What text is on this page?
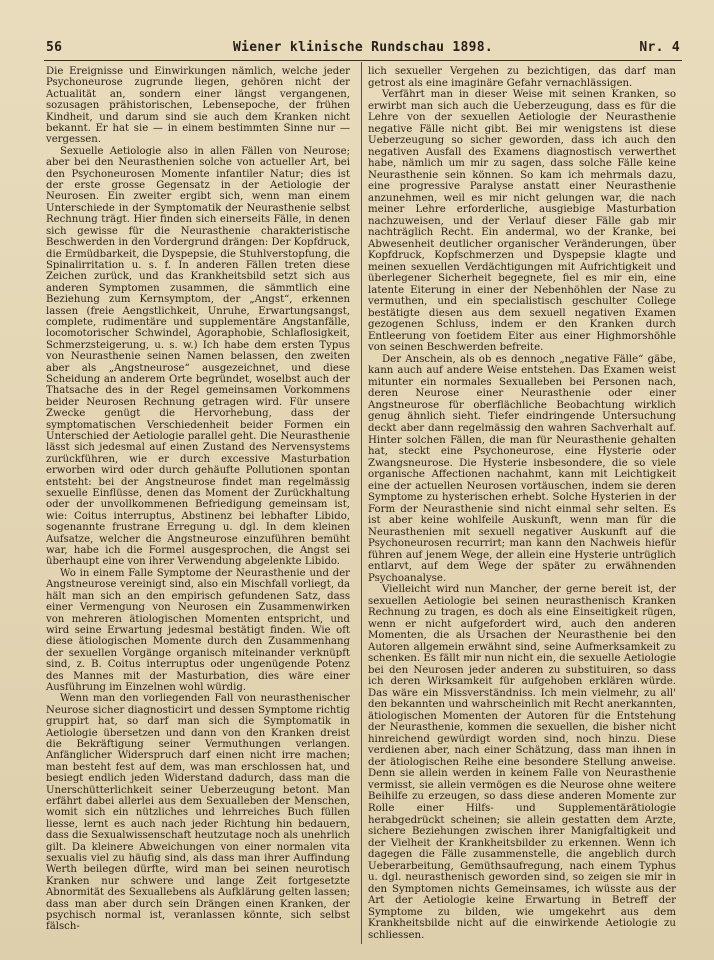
56	Wiener klinische Rundschau 1898.	Nr. 4

Die Ereignisse und Einwirkungen nämlich, welche jeder Psychoneurose zugrunde liegen, gehören nicht der Actualität an, sondern einer längst vergangenen, sozusagen prähistorischen, Lebensepoche, der frühen Kindheit, und darum sind sie auch dem Kranken nicht bekannt. Er hat sie — in einem bestimmten Sinne nur — vergessen.

Sexuelle Aetiologie also in allen Fällen von Neurose; aber bei den Neurasthenien solche von actueller Art, bei den Psychoneurosen Momente infantiler Natur; dies ist der erste grosse Gegensatz in der Aetiologie der Neurosen. Ein zweiter ergibt sich, wenn man einem Unterschiede in der Symptomatik der Neurasthenie selbst Rechnung trägt. Hier finden sich einerseits Fälle, in denen sich gewisse für die Neurasthenie charakteristische Beschwerden in den Vordergrund drängen: Der Kopfdruck, die Ermüdbarkeit, die Dyspepsie, die Stuhlverstopfung, die Spinalirritation u. s. f. In anderen Fällen treten diese Zeichen zurück, und das Krankheitsbild setzt sich aus anderen Symptomen zusammen, die sämmtlich eine Beziehung zum Kernsymptom, der „Angst“, erkennen lassen (freie Aengstlichkeit, Unruhe, Erwartungsangst, complete, rudimentäre und supplementäre Angstanfälle, locomotorischer Schwindel, Agoraphobie, Schlaflosigkeit, Schmerzsteigerung, u. s. w.) Ich habe dem ersten Typus von Neurasthenie seinen Namen belassen, den zweiten aber als „Angstneurose“ ausgezeichnet, und diese Scheidung an anderem Orte begründet, woselbst auch der Thatsache des in der Regel gemeinsamen Vorkommens beider Neurosen Rechnung getragen wird. Für unsere Zwecke genügt die Hervorhebung, dass der symptomatischen Verschiedenheit beider Formen ein Unterschied der Aetiologie parallel geht. Die Neurasthenie lässt sich jedesmal auf einen Zustand des Nervensystems zurückführen, wie er durch excessive Masturbation erworben wird oder durch gehäufte Pollutionen spontan entsteht: bei der Angstneurose findet man regelmässig sexuelle Einflüsse, denen das Moment der Zurückhaltung oder der unvollkommenen Befriedigung gemeinsam ist, wie: Coitus interruptus, Abstinenz bei lebhafter Libido, sogenannte frustrane Erregung u. dgl. In dem kleinen Aufsatze, welcher die Angstneurose einzuführen bemüht war, habe ich die Formel ausgesprochen, die Angst sei überhaupt eine von ihrer Verwendung abgelenkte Libido.

Wo in einem Falle Symptome der Neurasthenie und der Angstneurose vereinigt sind, also ein Mischfall vorliegt, da hält man sich an den empirisch gefundenen Satz, dass einer Vermengung von Neurosen ein Zusammenwirken von mehreren ätiologischen Momenten entspricht, und wird seine Erwartung jedesmal bestätigt finden. Wie oft diese ätiologischen Momente durch den Zusammenhang der sexuellen Vorgänge organisch miteinander verknüpft sind, z. B. Coitus interruptus oder ungenügende Potenz des Mannes mit der Masturbation, dies wäre einer Ausführung im Einzelnen wohl würdig.

Wenn man den vorliegenden Fall von neurasthenischer Neurose sicher diagnosticirt und dessen Symptome richtig gruppirt hat, so darf man sich die Symptomatik in Aetiologie übersetzen und dann von den Kranken dreist die Bekräftigung seiner Vermuthungen verlangen. Anfänglicher Widerspruch darf einen nicht irre machen; man besteht fest auf dem, was man erschlossen hat, und besiegt endlich jeden Widerstand dadurch, dass man die Unerschütterlichkeit seiner Ueberzeugung betont. Man erfährt dabei allerlei aus dem Sexualleben der Menschen, womit sich ein nützliches und lehrreiches Buch füllen liesse, lernt es auch nach jeder Richtung hin bedauern, dass die Sexualwissenschaft heutzutage noch als unehrlich gilt. Da kleinere Abweichungen von einer normalen vita sexualis viel zu häufig sind, als dass man ihrer Auffindung Werth beilegen dürfte, wird man bei seinen neurotisch Kranken nur schwere und lange Zeit fortgesetzte Abnormität des Sexuallebens als Aufklärung gelten lassen; dass man aber durch sein Drängen einen Kranken, der psychisch normal ist, veranlassen könnte, sich selbst fälsch-

lich sexueller Vergehen zu bezichtigen, das darf man getrost als eine imaginäre Gefahr vernachlässigen.

Verfährt man in dieser Weise mit seinen Kranken, so erwirbt man sich auch die Ueberzeugung, dass es für die Lehre von der sexuellen Aetiologie der Neurasthenie negative Fälle nicht gibt. Bei mir wenigstens ist diese Ueberzeugung so sicher geworden, dass ich auch den negativen Ausfall des Examens diagnostisch verwerthet habe, nämlich um mir zu sagen, dass solche Fälle keine Neurasthenie sein können. So kam ich mehrmals dazu, eine progressive Paralyse anstatt einer Neurasthenie anzunehmen, weil es mir nicht gelungen war, die nach meiner Lehre erforderliche, ausgiebige Masturbation nachzuweisen, und der Verlauf dieser Fälle gab mir nachträglich Recht. Ein andermal, wo der Kranke, bei Abwesenheit deutlicher organischer Veränderungen, über Kopfdruck, Kopfschmerzen und Dyspepsie klagte und meinen sexuellen Verdächtigungen mit Aufrichtigkeit und überlegener Sicherheit begegnete, fiel es mir ein, eine latente Eiterung in einer der Nebenhöhlen der Nase zu vermuthen, und ein specialistisch geschulter College bestätigte diesen aus dem sexuell negativen Examen gezogenen Schluss, indem er den Kranken durch Entleerung von foetidem Eiter aus einer Highmorshöhle von seinen Beschwerden befreite.

Der Anschein, als ob es dennoch „negative Fälle“ gäbe, kann auch auf andere Weise entstehen. Das Examen weist mitunter ein normales Sexualleben bei Personen nach, deren Neurose einer Neurasthenie oder einer Angstneurose für oberflächliche Beobachtung wirklich genug ähnlich sieht. Tiefer eindringende Untersuchung deckt aber dann regelmässig den wahren Sachverhalt auf. Hinter solchen Fällen, die man für Neurasthenie gehalten hat, steckt eine Psychoneurose, eine Hysterie oder Zwangsneurose. Die Hysterie insbesondere, die so viele organische Affectionen nachahmt, kann mit Leichtigkeit eine der actuellen Neurosen vortäuschen, indem sie deren Symptome zu hysterischen erhebt. Solche Hysterien in der Form der Neurasthenie sind nicht einmal sehr selten. Es ist aber keine wohlfeile Auskunft, wenn man für die Neurasthenien mit sexuell negativer Auskunft auf die Psychoneurosen recurrirt; man kann den Nachweis hiefür führen auf jenem Wege, der allein eine Hysterie untrüglich entlarvt, auf dem Wege der später zu erwähnenden Psychoanalyse.

Vielleicht wird nun Mancher, der gerne bereit ist, der sexuellen Aetiologie bei seinen neurasthenisch Kranken Rechnung zu tragen, es doch als eine Einseitigkeit rügen, wenn er nicht aufgefordert wird, auch den anderen Momenten, die als Ursachen der Neurasthenie bei den Autoren allgemein erwähnt sind, seine Aufmerksamkeit zu schenken. Es fällt mir nun nicht ein, die sexuelle Aetiologie bei den Neurosen jeder anderen zu substituiren, so dass ich deren Wirksamkeit für aufgehoben erklären würde. Das wäre ein Missverständniss. Ich mein vielmehr, zu all' den bekannten und wahrscheinlich mit Recht anerkannten, ätiologischen Momenten der Autoren für die Entstehung der Neurasthenie, kommen die sexuellen, die bisher nicht hinreichend gewürdigt worden sind, noch hinzu. Diese verdienen aber, nach einer Schätzung, dass man ihnen in der ätiologischen Reihe eine besondere Stellung anweise. Denn sie allein werden in keinem Falle von Neurasthenie vermisst, sie allein vermögen es die Neurose ohne weitere Beihilfe zu erzeugen, so dass diese anderen Momente zur Rolle einer Hilfs- und Supplementärätiologie herabgedrückt scheinen; sie allein gestatten dem Arzte, sichere Beziehungen zwischen ihrer Manigfaltigkeit und der Vielheit der Krankheitsbilder zu erkennen. Wenn ich dagegen die Fälle zusammenstelle, die angeblich durch Ueberarbeitung, Gemüthsaufregung, nach einem Typhus u. dgl. neurasthenisch geworden sind, so zeigen sie mir in den Symptomen nichts Gemeinsames, ich wüsste aus der Art der Aetiologie keine Erwartung in Betreff der Symptome zu bilden, wie umgekehrt aus dem Krankheitsbilde nicht auf die einwirkende Aetiologie zu schliessen.
